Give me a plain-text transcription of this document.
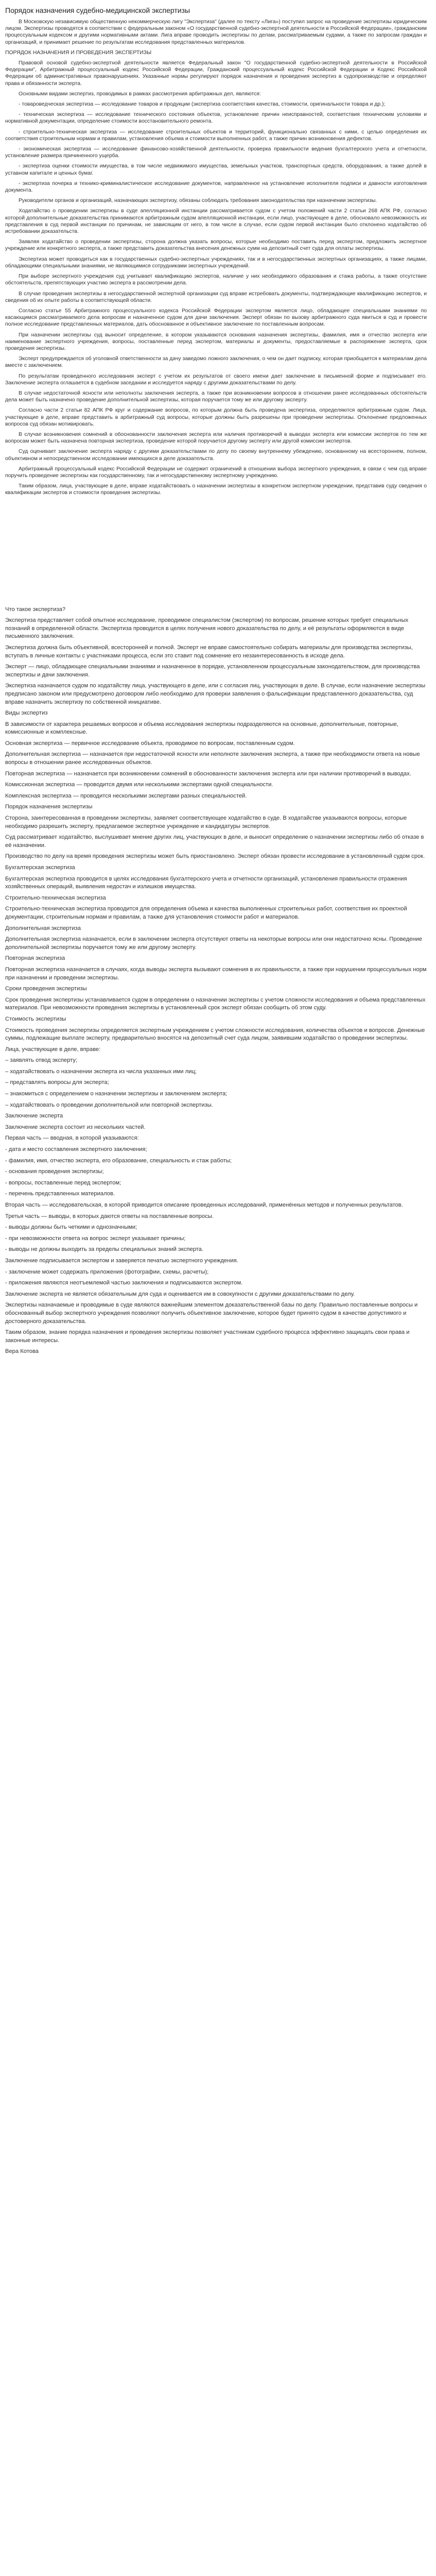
Порядок назначения судебно-медицинской экспертизы

В Московскую независимую общественную некоммерческую лигу "Экспертиза" (далее по тексту «Лига») поступил запрос на проведение экспертизы юридическим лицом. Экспертизы проводятся в соответствии с федеральным законом «О государственной судебно-экспертной деятельности в Российской Федерации», гражданским процессуальным кодексом и другими нормативными актами. Лига вправе проводить экспертизы по делам, рассматриваемым судами, а также по запросам граждан и организаций, и принимает решение по результатам исследования представленных материалов.

ПОРЯДОК НАЗНАЧЕНИЯ И ПРОВЕДЕНИЯ ЭКСПЕРТИЗЫ

Правовой основой судебно-экспертной деятельности является Федеральный закон "О государственной судебно-экспертной деятельности в Российской Федерации", Арбитражный процессуальный кодекс Российской Федерации, Гражданский процессуальный кодекс Российской Федерации и Кодекс Российской Федерации об административных правонарушениях. Указанные нормы регулируют порядок назначения и проведения экспертиз в судопроизводстве и определяют права и обязанности эксперта.

Основными видами экспертиз, проводимых в рамках рассмотрения арбитражных дел, являются:

- товароведческая экспертиза — исследование товаров и продукции (экспертиза соответствия качества, стоимости, оригинальности товара и др.);

- техническая экспертиза — исследование технического состояния объектов, установление причин неисправностей, соответствия техническим условиям и нормативной документации, определение стоимости восстановительного ремонта.

- строительно-техническая экспертиза — исследование строительных объектов и территорий, функционально связанных с ними, с целью определения их соответствия строительным нормам и правилам, установления объема и стоимости выполненных работ, а также причин возникновения дефектов.

- экономическая экспертиза — исследование финансово-хозяйственной деятельности, проверка правильности ведения бухгалтерского учета и отчетности, установление размера причиненного ущерба.

- экспертиза оценки стоимости имущества, в том числе недвижимого имущества, земельных участков, транспортных средств, оборудования, а также долей в уставном капитале и ценных бумаг.

- экспертиза почерка и технико-криминалистическое исследование документов, направленное на установление исполнителя подписи и давности изготовления документа.

Руководители органов и организаций, назначающих экспертизу, обязаны соблюдать требования законодательства при назначении экспертизы.

Ходатайство о проведении экспертизы в суде апелляционной инстанции рассматривается судом с учетом положений части 2 статьи 268 АПК РФ, согласно которой дополнительные доказательства принимаются арбитражным судом апелляционной инстанции, если лицо, участвующее в деле, обосновало невозможность их представления в суд первой инстанции по причинам, не зависящим от него, в том числе в случае, если судом первой инстанции было отклонено ходатайство об истребовании доказательств.

Заявляя ходатайство о проведении экспертизы, сторона должна указать вопросы, которые необходимо поставить перед экспертом, предложить экспертное учреждение или конкретного эксперта, а также представить доказательства внесения денежных сумм на депозитный счет суда для оплаты экспертизы.

Экспертиза может проводиться как в государственных судебно-экспертных учреждениях, так и в негосударственных экспертных организациях, а также лицами, обладающими специальными знаниями, не являющимися сотрудниками экспертных учреждений.

При выборе экспертного учреждения суд учитывает квалификацию экспертов, наличие у них необходимого образования и стажа работы, а также отсутствие обстоятельств, препятствующих участию эксперта в рассмотрении дела.

В случае проведения экспертизы в негосударственной экспертной организации суд вправе истребовать документы, подтверждающие квалификацию экспертов, и сведения об их опыте работы в соответствующей области.

Согласно статье 55 Арбитражного процессуального кодекса Российской Федерации экспертом является лицо, обладающее специальными знаниями по касающимся рассматриваемого дела вопросам и назначенное судом для дачи заключения. Эксперт обязан по вызову арбитражного суда явиться в суд и провести полное исследование представленных материалов, дать обоснованное и объективное заключение по поставленным вопросам.

При назначении экспертизы суд выносит определение, в котором указываются основания назначения экспертизы, фамилия, имя и отчество эксперта или наименование экспертного учреждения, вопросы, поставленные перед экспертом, материалы и документы, предоставляемые в распоряжение эксперта, срок проведения экспертизы.

Эксперт предупреждается об уголовной ответственности за дачу заведомо ложного заключения, о чем он дает подписку, которая приобщается к материалам дела вместе с заключением.

По результатам проведенного исследования эксперт с учетом их результатов от своего имени дает заключение в письменной форме и подписывает его. Заключение эксперта оглашается в судебном заседании и исследуется наряду с другими доказательствами по делу.

В случае недостаточной ясности или неполноты заключения эксперта, а также при возникновении вопросов в отношении ранее исследованных обстоятельств дела может быть назначено проведение дополнительной экспертизы, которая поручается тому же или другому эксперту.

Согласно части 2 статьи 82 АПК РФ круг и содержание вопросов, по которым должна быть проведена экспертиза, определяются арбитражным судом. Лица, участвующие в деле, вправе представить в арбитражный суд вопросы, которые должны быть разрешены при проведении экспертизы. Отклонение предложенных вопросов суд обязан мотивировать.

В случае возникновения сомнений в обоснованности заключения эксперта или наличия противоречий в выводах эксперта или комиссии экспертов по тем же вопросам может быть назначена повторная экспертиза, проведение которой поручается другому эксперту или другой комиссии экспертов.

Суд оценивает заключение эксперта наряду с другими доказательствами по делу по своему внутреннему убеждению, основанному на всестороннем, полном, объективном и непосредственном исследовании имеющихся в деле доказательств.

Арбитражный процессуальный кодекс Российской Федерации не содержит ограничений в отношении выбора экспертного учреждения, в связи с чем суд вправе поручить проведение экспертизы как государственному, так и негосударственному экспертному учреждению.

Таким образом, лица, участвующие в деле, вправе ходатайствовать о назначении экспертизы в конкретном экспертном учреждении, представив суду сведения о квалификации экспертов и стоимости проведения экспертизы.

Что такое экспертиза?

Экспертиза представляет собой опытное исследование, проводимое специалистом (экспертом) по вопросам, решение которых требует специальных познаний в определенной области. Экспертиза проводится в целях получения нового доказательства по делу, и её результаты оформляются в виде письменного заключения.

Экспертиза должна быть объективной, всесторонней и полной. Эксперт не вправе самостоятельно собирать материалы для производства экспертизы, вступать в личные контакты с участниками процесса, если это ставит под сомнение его незаинтересованность в исходе дела.

Эксперт — лицо, обладающее специальными знаниями и назначенное в порядке, установленном процессуальным законодательством, для производства экспертизы и дачи заключения.

Экспертиза назначается судом по ходатайству лица, участвующего в деле, или с согласия лиц, участвующих в деле. В случае, если назначение экспертизы предписано законом или предусмотрено договором либо необходимо для проверки заявления о фальсификации представленного доказательства, суд вправе назначить экспертизу по собственной инициативе.

Виды экспертиз

В зависимости от характера решаемых вопросов и объема исследования экспертизы подразделяются на основные, дополнительные, повторные, комиссионные и комплексные.

Основная экспертиза — первичное исследование объекта, проводимое по вопросам, поставленным судом.

Дополнительная экспертиза — назначается при недостаточной ясности или неполноте заключения эксперта, а также при необходимости ответа на новые вопросы в отношении ранее исследованных объектов.

Повторная экспертиза — назначается при возникновении сомнений в обоснованности заключения эксперта или при наличии противоречий в выводах.

Комиссионная экспертиза — проводится двумя или несколькими экспертами одной специальности.

Комплексная экспертиза — проводится несколькими экспертами разных специальностей.

Порядок назначения экспертизы

Сторона, заинтересованная в проведении экспертизы, заявляет соответствующее ходатайство в суде. В ходатайстве указываются вопросы, которые необходимо разрешить эксперту, предлагаемое экспертное учреждение и кандидатуры экспертов.

Суд рассматривает ходатайство, выслушивает мнение других лиц, участвующих в деле, и выносит определение о назначении экспертизы либо об отказе в её назначении.

Производство по делу на время проведения экспертизы может быть приостановлено. Эксперт обязан провести исследование в установленный судом срок.

Бухгалтерская экспертиза

Бухгалтерская экспертиза проводится в целях исследования бухгалтерского учета и отчетности организаций, установления правильности отражения хозяйственных операций, выявления недостач и излишков имущества.

Строительно-техническая экспертиза

Строительно-техническая экспертиза проводится для определения объема и качества выполненных строительных работ, соответствия их проектной документации, строительным нормам и правилам, а также для установления стоимости работ и материалов.

Дополнительная экспертиза

Дополнительная экспертиза назначается, если в заключении эксперта отсутствуют ответы на некоторые вопросы или они недостаточно ясны. Проведение дополнительной экспертизы поручается тому же или другому эксперту.

Повторная экспертиза

Повторная экспертиза назначается в случаях, когда выводы эксперта вызывают сомнения в их правильности, а также при нарушении процессуальных норм при назначении и проведении экспертизы.

Сроки проведения экспертизы

Срок проведения экспертизы устанавливается судом в определении о назначении экспертизы с учетом сложности исследования и объема представленных материалов. При невозможности проведения экспертизы в установленный срок эксперт обязан сообщить об этом суду.

Стоимость экспертизы

Стоимость проведения экспертизы определяется экспертным учреждением с учетом сложности исследования, количества объектов и вопросов. Денежные суммы, подлежащие выплате эксперту, предварительно вносятся на депозитный счет суда лицом, заявившим ходатайство о проведении экспертизы.

Лица, участвующие в деле, вправе:

– заявлять отвод эксперту;

– ходатайствовать о назначении эксперта из числа указанных ими лиц;

– представлять вопросы для эксперта;

– знакомиться с определением о назначении экспертизы и заключением эксперта;

– ходатайствовать о проведении дополнительной или повторной экспертизы.

Заключение эксперта

Заключение эксперта состоит из нескольких частей.

Первая часть — вводная, в которой указываются:

- дата и место составления экспертного заключения;

- фамилия, имя, отчество эксперта, его образование, специальность и стаж работы;

- основания проведения экспертизы;

- вопросы, поставленные перед экспертом;

- перечень представленных материалов.

Вторая часть — исследовательская, в которой приводится описание проведенных исследований, применённых методов и полученных результатов.

Третья часть — выводы, в которых даются ответы на поставленные вопросы.

- выводы должны быть четкими и однозначными;

- при невозможности ответа на вопрос эксперт указывает причины;

- выводы не должны выходить за пределы специальных знаний эксперта.

Заключение подписывается экспертом и заверяется печатью экспертного учреждения.

- заключение может содержать приложения (фотографии, схемы, расчеты);

- приложения являются неотъемлемой частью заключения и подписываются экспертом.

Заключение эксперта не является обязательным для суда и оценивается им в совокупности с другими доказательствами по делу.

Экспертизы назначаемые и проводимые в суде являются важнейшим элементом доказательственной базы по делу. Правильно поставленные вопросы и обоснованный выбор экспертного учреждения позволяют получить объективное заключение, которое будет принято судом в качестве допустимого и достоверного доказательства.

Таким образом, знание порядка назначения и проведения экспертизы позволяет участникам судебного процесса эффективно защищать свои права и законные интересы.

Вера Котова
